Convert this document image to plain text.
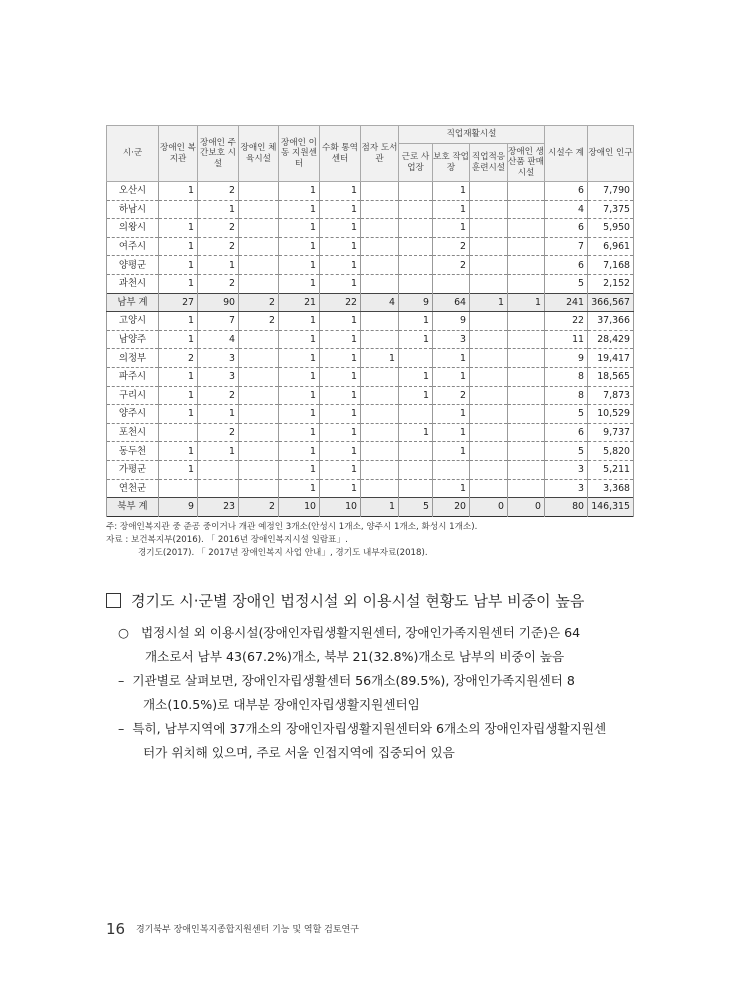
시·군	장애인 복지관	장애인 주간보호 시설	장애인 체육시설	장애인 이동 지원센터	수화 통역센터	점자 도서관	직업재활시설				시설수 계	장애인 인구
							근로 사업장	보호 작업장	직업적응 훈련시설	장애인 생산품 판매시설		
오산시	1	2		1	1			1			6	7,790
하남시		1		1	1			1			4	7,375
의왕시	1	2		1	1			1			6	5,950
여주시	1	2		1	1			2			7	6,961
양평군	1	1		1	1			2			6	7,168
과천시	1	2		1	1						5	2,152
남부 계	27	90	2	21	22	4	9	64	1	1	241	366,567
고양시	1	7	2	1	1		1	9			22	37,366
남양주	1	4		1	1		1	3			11	28,429
의정부	2	3		1	1	1		1			9	19,417
파주시	1	3		1	1		1	1			8	18,565
구리시	1	2		1	1		1	2			8	7,873
양주시	1	1		1	1			1			5	10,529
포천시		2		1	1		1	1			6	9,737
동두천	1	1		1	1			1			5	5,820
가평군	1			1	1						3	5,211
연천군				1	1			1			3	3,368
북부 계	9	23	2	10	10	1	5	20	0	0	80	146,315
주: 장애인복지관 중 준공 중이거나 개관 예정인 3개소(안성시 1개소, 양주시 1개소, 화성시 1개소).
자료 : 보건복지부(2016). 「 2016년 장애인복지시설 일람표」.
경기도(2017). 「 2017년 장애인복지 사업 안내」, 경기도 내부자료(2018).
경기도 시·군별 장애인 법정시설 외 이용시설 현황도 남부 비중이 높음
○ 법정시설 외 이용시설(장애인자립생활지원센터, 장애인가족지원센터 기준)은 64
개소로서 남부 43(67.2%)개소, 북부 21(32.8%)개소로 남부의 비중이 높음
– 기관별로 살펴보면, 장애인자립생활센터 56개소(89.5%), 장애인가족지원센터 8
개소(10.5%)로 대부분 장애인자립생활지원센터임
– 특히, 남부지역에 37개소의 장애인자립생활지원센터와 6개소의 장애인자립생활지원센
터가 위치해 있으며, 주로 서울 인접지역에 집중되어 있음
16 경기북부 장애인복지종합지원센터 기능 및 역할 검토연구
